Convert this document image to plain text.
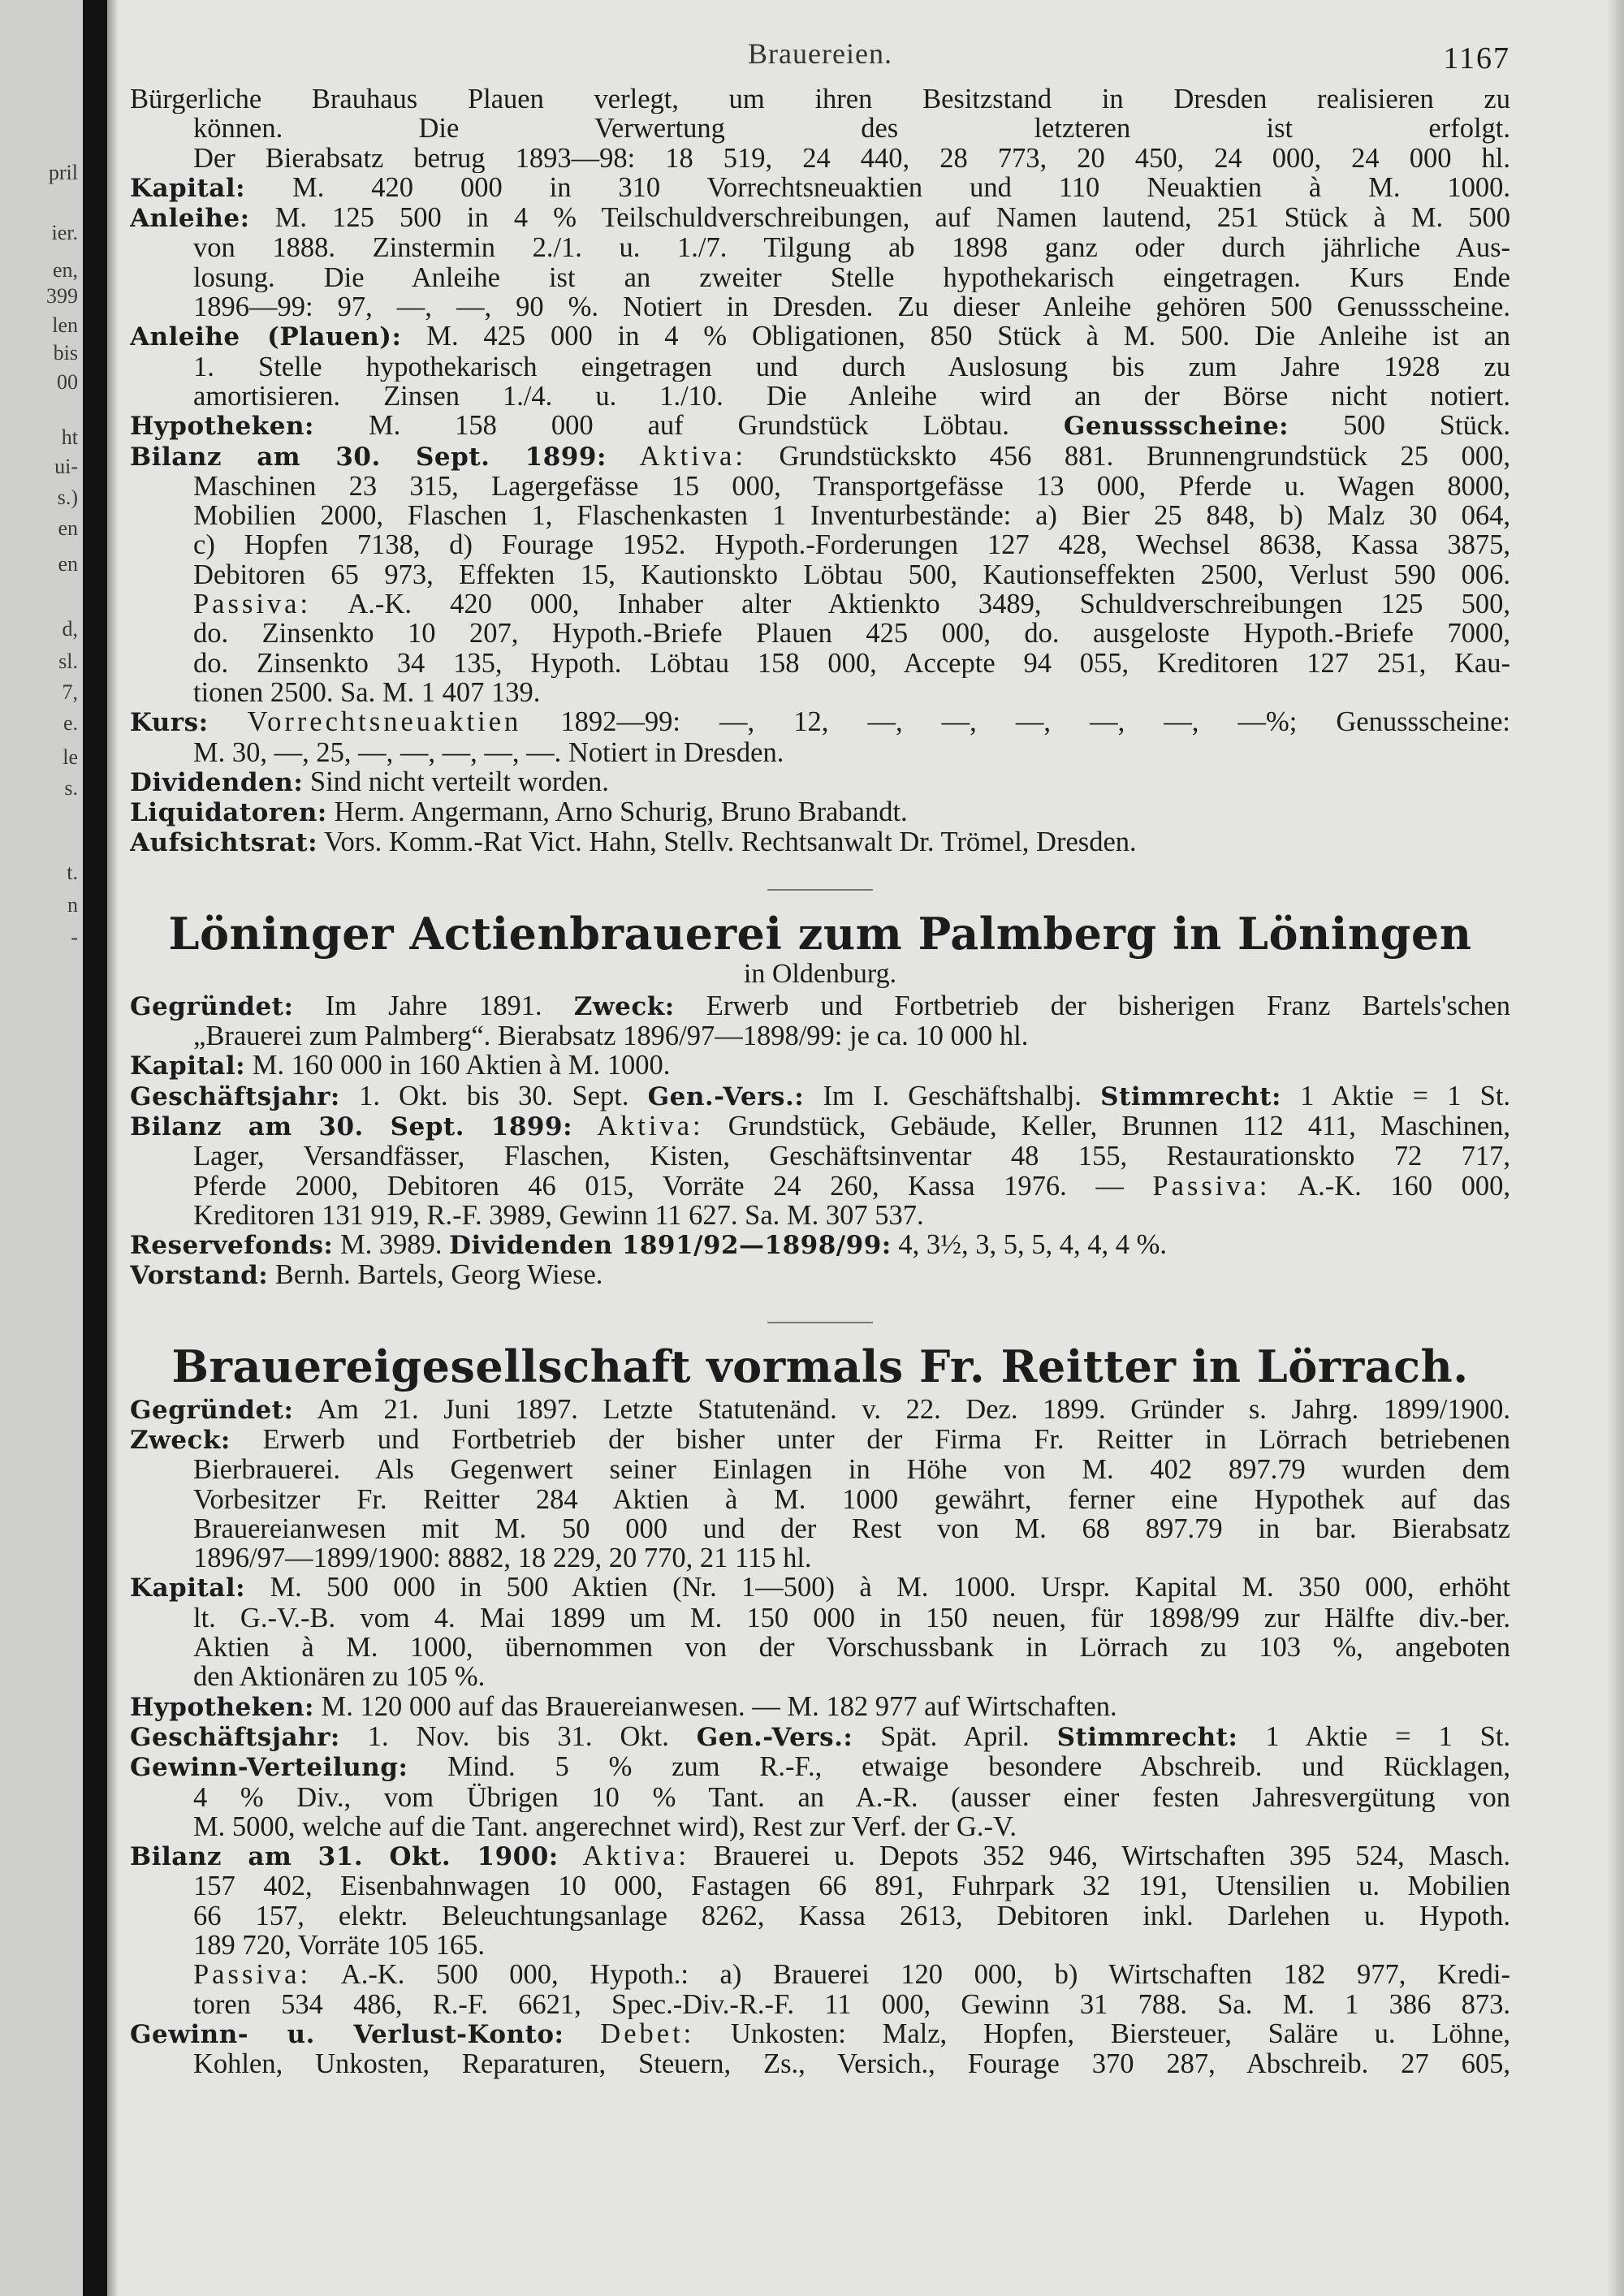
pril
ier.
en,
399
len
bis
00
ht
ui-
s.)
en
en
d,
sl.
7,
e.
le
s.
t.
n
-
Brauereien.	1167
Bürgerliche Brauhaus Plauen verlegt, um ihren Besitzstand in Dresden realisieren zu
können. Die Verwertung des letzteren ist erfolgt.
Der Bierabsatz betrug 1893—98: 18 519, 24 440, 28 773, 20 450, 24 000, 24 000 hl.
Kapital: M. 420 000 in 310 Vorrechtsneuaktien und 110 Neuaktien à M. 1000.
Anleihe: M. 125 500 in 4 % Teilschuldverschreibungen, auf Namen lautend, 251 Stück à M. 500
von 1888. Zinstermin 2./1. u. 1./7. Tilgung ab 1898 ganz oder durch jährliche Aus-
losung. Die Anleihe ist an zweiter Stelle hypothekarisch eingetragen. Kurs Ende
1896—99: 97, —, —, 90 %. Notiert in Dresden. Zu dieser Anleihe gehören 500 Genussscheine.
Anleihe (Plauen): M. 425 000 in 4 % Obligationen, 850 Stück à M. 500. Die Anleihe ist an
1. Stelle hypothekarisch eingetragen und durch Auslosung bis zum Jahre 1928 zu
amortisieren. Zinsen 1./4. u. 1./10. Die Anleihe wird an der Börse nicht notiert.
Hypotheken: M. 158 000 auf Grundstück Löbtau. Genussscheine: 500 Stück.
Bilanz am 30. Sept. 1899: Aktiva: Grundstücksktо 456 881. Brunnengrundstück 25 000,
Maschinen 23 315, Lagergefässe 15 000, Transportgefässe 13 000, Pferde u. Wagen 8000,
Mobilien 2000, Flaschen 1, Flaschenkasten 1 Inventurbestände: a) Bier 25 848, b) Malz 30 064,
c) Hopfen 7138, d) Fourage 1952. Hypoth.-Forderungen 127 428, Wechsel 8638, Kassa 3875,
Debitoren 65 973, Effekten 15, Kautionskto Löbtau 500, Kautionseffekten 2500, Verlust 590 006.
Passiva: A.-K. 420 000, Inhaber alter Aktienkto 3489, Schuldverschreibungen 125 500,
do. Zinsenkto 10 207, Hypoth.-Briefe Plauen 425 000, do. ausgeloste Hypoth.-Briefe 7000,
do. Zinsenkto 34 135, Hypoth. Löbtau 158 000, Accepte 94 055, Kreditoren 127 251, Kau-
tionen 2500. Sa. M. 1 407 139.
Kurs: Vorrechtsneuaktien 1892—99: —, 12, —, —, —, —, —, —%; Genussscheine:
M. 30, —, 25, —, —, —, —, —. Notiert in Dresden.
Dividenden: Sind nicht verteilt worden.
Liquidatoren: Herm. Angermann, Arno Schurig, Bruno Brabandt.
Aufsichtsrat: Vors. Komm.-Rat Vict. Hahn, Stellv. Rechtsanwalt Dr. Trömel, Dresden.
Löninger Actienbrauerei zum Palmberg in Löningen
in Oldenburg.
Gegründet: Im Jahre 1891. Zweck: Erwerb und Fortbetrieb der bisherigen Franz Bartels'schen
„Brauerei zum Palmberg“. Bierabsatz 1896/97—1898/99: je ca. 10 000 hl.
Kapital: M. 160 000 in 160 Aktien à M. 1000.
Geschäftsjahr: 1. Okt. bis 30. Sept. Gen.-Vers.: Im I. Geschäftshalbj. Stimmrecht: 1 Aktie = 1 St.
Bilanz am 30. Sept. 1899: Aktiva: Grundstück, Gebäude, Keller, Brunnen 112 411, Maschinen,
Lager, Versandfässer, Flaschen, Kisten, Geschäftsinventar 48 155, Restaurationskto 72 717,
Pferde 2000, Debitoren 46 015, Vorräte 24 260, Kassa 1976. — Passiva: A.-K. 160 000,
Kreditoren 131 919, R.-F. 3989, Gewinn 11 627. Sa. M. 307 537.
Reservefonds: M. 3989. Dividenden 1891/92—1898/99: 4, 3½, 3, 5, 5, 4, 4, 4 %.
Vorstand: Bernh. Bartels, Georg Wiese.
Brauereigesellschaft vormals Fr. Reitter in Lörrach.
Gegründet: Am 21. Juni 1897. Letzte Statutenänd. v. 22. Dez. 1899. Gründer s. Jahrg. 1899/1900.
Zweck: Erwerb und Fortbetrieb der bisher unter der Firma Fr. Reitter in Lörrach betriebenen
Bierbrauerei. Als Gegenwert seiner Einlagen in Höhe von M. 402 897.79 wurden dem
Vorbesitzer Fr. Reitter 284 Aktien à M. 1000 gewährt, ferner eine Hypothek auf das
Brauereianwesen mit M. 50 000 und der Rest von M. 68 897.79 in bar. Bierabsatz
1896/97—1899/1900: 8882, 18 229, 20 770, 21 115 hl.
Kapital: M. 500 000 in 500 Aktien (Nr. 1—500) à M. 1000. Urspr. Kapital M. 350 000, erhöht
lt. G.-V.-B. vom 4. Mai 1899 um M. 150 000 in 150 neuen, für 1898/99 zur Hälfte div.-ber.
Aktien à M. 1000, übernommen von der Vorschussbank in Lörrach zu 103 %, angeboten
den Aktionären zu 105 %.
Hypotheken: M. 120 000 auf das Brauereianwesen. — M. 182 977 auf Wirtschaften.
Geschäftsjahr: 1. Nov. bis 31. Okt. Gen.-Vers.: Spät. April. Stimmrecht: 1 Aktie = 1 St.
Gewinn-Verteilung: Mind. 5 % zum R.-F., etwaige besondere Abschreib. und Rücklagen,
4 % Div., vom Übrigen 10 % Tant. an A.-R. (ausser einer festen Jahresvergütung von
M. 5000, welche auf die Tant. angerechnet wird), Rest zur Verf. der G.-V.
Bilanz am 31. Okt. 1900: Aktiva: Brauerei u. Depots 352 946, Wirtschaften 395 524, Masch.
157 402, Eisenbahnwagen 10 000, Fastagen 66 891, Fuhrpark 32 191, Utensilien u. Mobilien
66 157, elektr. Beleuchtungsanlage 8262, Kassa 2613, Debitoren inkl. Darlehen u. Hypoth.
189 720, Vorräte 105 165.
Passiva: A.-K. 500 000, Hypoth.: a) Brauerei 120 000, b) Wirtschaften 182 977, Kredi-
toren 534 486, R.-F. 6621, Spec.-Div.-R.-F. 11 000, Gewinn 31 788. Sa. M. 1 386 873.
Gewinn- u. Verlust-Konto: Debet: Unkosten: Malz, Hopfen, Biersteuer, Saläre u. Löhne,
Kohlen, Unkosten, Reparaturen, Steuern, Zs., Versich., Fourage 370 287, Abschreib. 27 605,
